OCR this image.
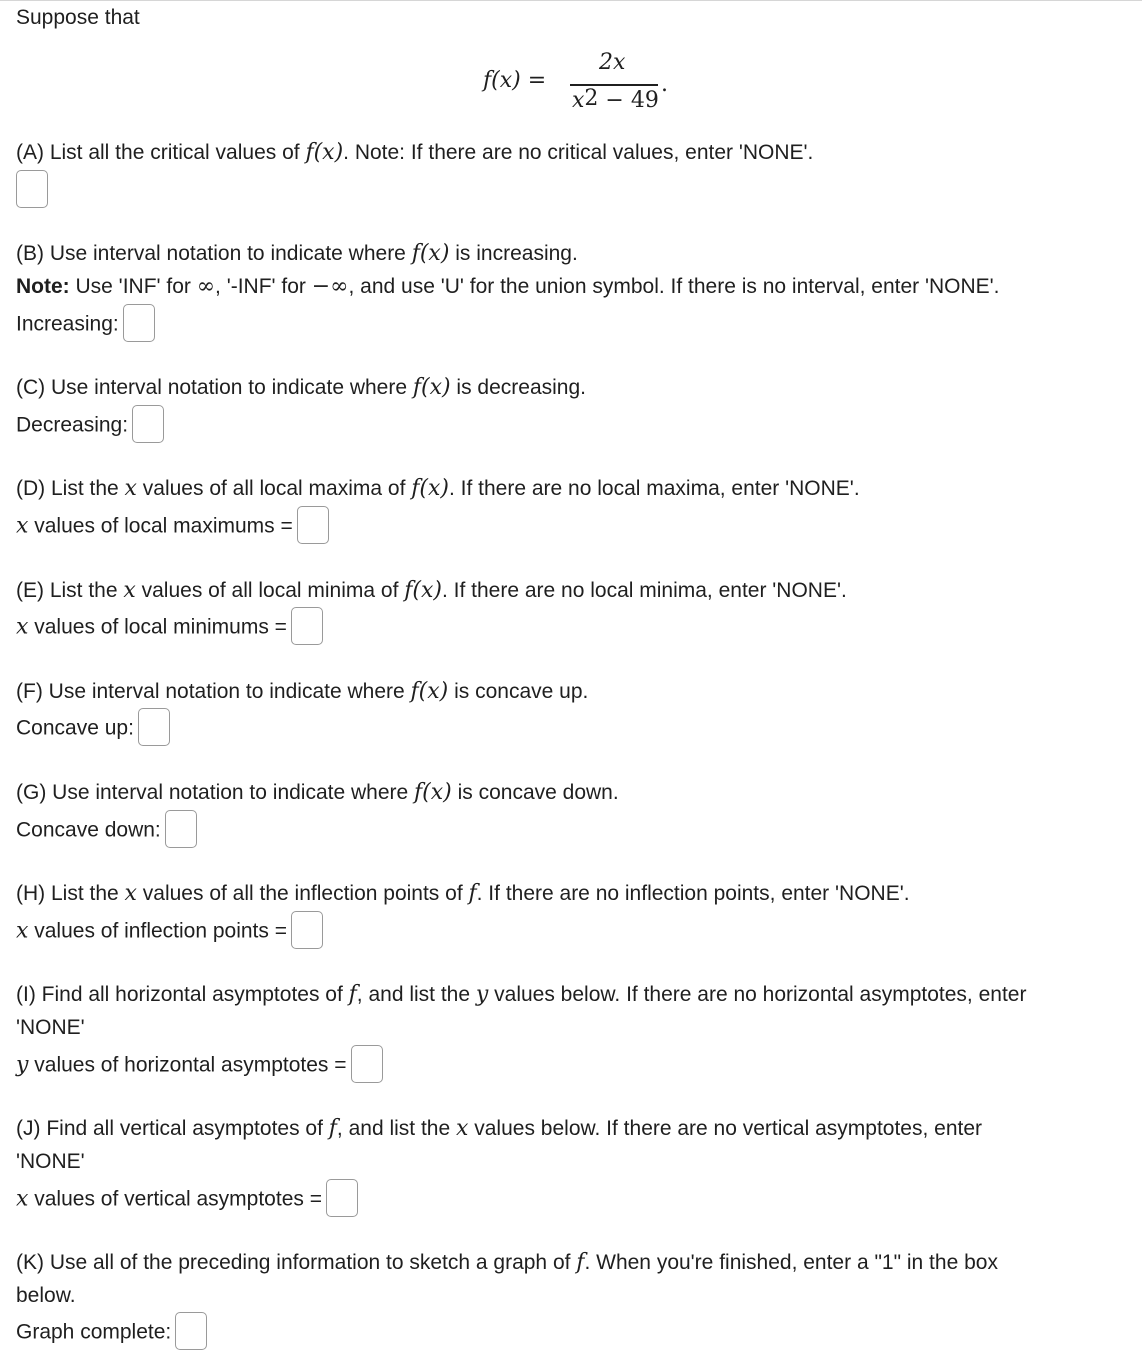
Suppose that
f(x) =
2x
$x^2 - 49$
.
(A) List all the critical values of f(x). Note: If there are no critical values, enter 'NONE'.
(B) Use interval notation to indicate where f(x) is increasing.
Note: Use 'INF' for ∞, '-INF' for −∞, and use 'U' for the union symbol. If there is no interval, enter 'NONE'.
Increasing:
(C) Use interval notation to indicate where f(x) is decreasing.
Decreasing:
(D) List the x values of all local maxima of f(x). If there are no local maxima, enter 'NONE'.
x values of local maximums =
(E) List the x values of all local minima of f(x). If there are no local minima, enter 'NONE'.
x values of local minimums =
(F) Use interval notation to indicate where f(x) is concave up.
Concave up:
(G) Use interval notation to indicate where f(x) is concave down.
Concave down:
(H) List the x values of all the inflection points of f. If there are no inflection points, enter 'NONE'.
x values of inflection points =
(I) Find all horizontal asymptotes of f, and list the y values below. If there are no horizontal asymptotes, enter
'NONE'
y values of horizontal asymptotes =
(J) Find all vertical asymptotes of f, and list the x values below. If there are no vertical asymptotes, enter
'NONE'
x values of vertical asymptotes =
(K) Use all of the preceding information to sketch a graph of f. When you're finished, enter a "1" in the box
below.
Graph complete:
